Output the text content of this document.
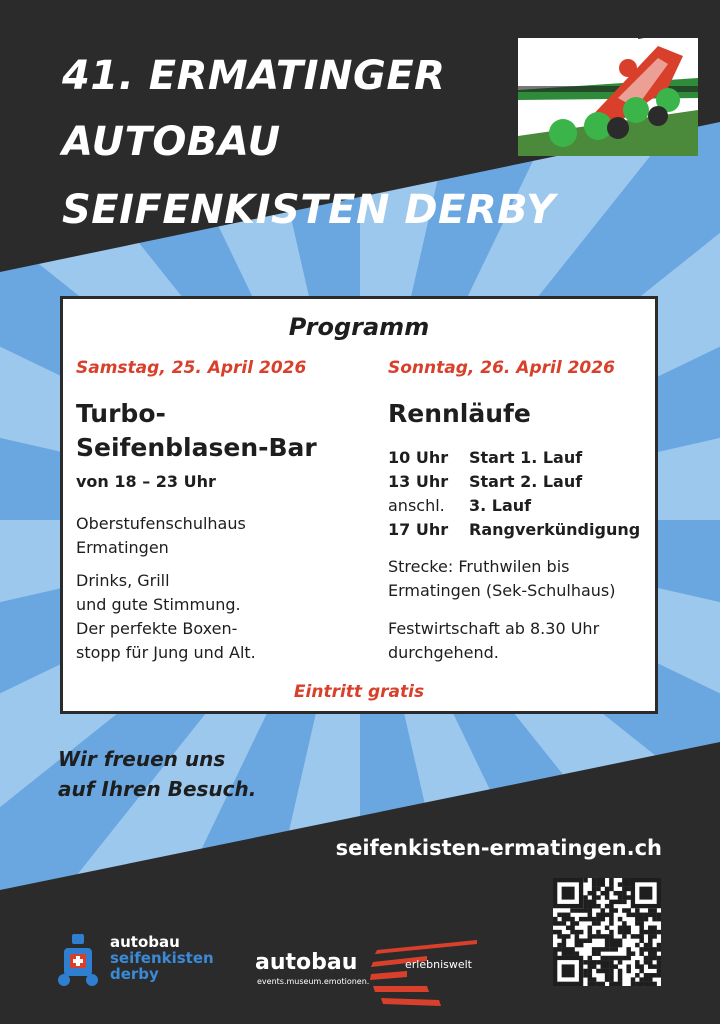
41. ERMATINGER
AUTOBAU
SEIFENKISTEN DERBY
Programm
Samstag, 25. April 2026
Turbo-
Seifenblasen-Bar
von 18 – 23 Uhr
Oberstufenschulhaus
Ermatingen
Drinks, Grill
und gute Stimmung.
Der perfekte Boxen-
stopp für Jung und Alt.
Sonntag, 26. April 2026
Rennläufe
10 Uhr Start 1. Lauf
13 Uhr Start 2. Lauf
anschl. 3. Lauf
17 Uhr Rangverkündigung
Strecke: Fruthwilen bis
Ermatingen (Sek-Schulhaus)
Festwirtschaft ab 8.30 Uhr
durchgehend.
Eintritt gratis
Wir freuen uns
auf Ihren Besuch.
seifenkisten-ermatingen.ch
autobau
seifenkisten
derby	autobau
events.museum.emotionen.
erlebniswelt
